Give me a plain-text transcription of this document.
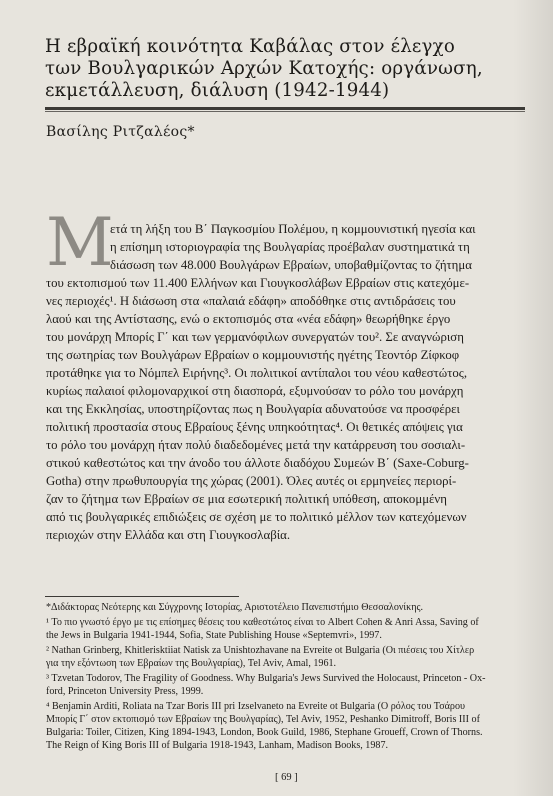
Η εβραϊκή κοινότητα Καβάλας στον έλεγχο
των Βουλγαρικών Αρχών Κατοχής: οργάνωση,
εκμετάλλευση, διάλυση (1942-1944)
Βασίλης Ριτζαλέος*
Μ
ετά τη λήξη του Β΄ Παγκοσμίου Πολέμου, η κομμουνιστική ηγεσία και
η επίσημη ιστοριογραφία της Βουλγαρίας προέβαλαν συστηματικά τη
διάσωση των 48.000 Βουλγάρων Εβραίων, υποβαθμίζοντας το ζήτημα
του εκτοπισμού των 11.400 Ελλήνων και Γιουγκοσλάβων Εβραίων στις κατεχόμε-
νες περιοχές¹. Η διάσωση στα «παλαιά εδάφη» αποδόθηκε στις αντιδράσεις του
λαού και της Αντίστασης, ενώ ο εκτοπισμός στα «νέα εδάφη» θεωρήθηκε έργο
του μονάρχη Μπορίς Γ΄ και των γερμανόφιλων συνεργατών του². Σε αναγνώριση
της σωτηρίας των Βουλγάρων Εβραίων ο κομμουνιστής ηγέτης Τεοντόρ Ζίφκοφ
προτάθηκε για το Νόμπελ Ειρήνης³. Οι πολιτικοί αντίπαλοι του νέου καθεστώτος,
κυρίως παλαιοί φιλομοναρχικοί στη διασπορά, εξυμνούσαν το ρόλο του μονάρχη
και της Εκκλησίας, υποστηρίζοντας πως η Βουλγαρία αδυνατούσε να προσφέρει
πολιτική προστασία στους Εβραίους ξένης υπηκοότητας⁴. Οι θετικές απόψεις για
το ρόλο του μονάρχη ήταν πολύ διαδεδομένες μετά την κατάρρευση του σοσιαλι-
στικού καθεστώτος και την άνοδο του άλλοτε διαδόχου Συμεών Β΄ (Saxe-Coburg-
Gotha) στην πρωθυπουργία της χώρας (2001). Όλες αυτές οι ερμηνείες περιορί-
ζαν το ζήτημα των Εβραίων σε μια εσωτερική πολιτική υπόθεση, αποκομμένη
από τις βουλγαρικές επιδιώξεις σε σχέση με το πολιτικό μέλλον των κατεχόμενων
περιοχών στην Ελλάδα και στη Γιουγκοσλαβία.
*Διδάκτορας Νεότερης και Σύγχρονης Ιστορίας, Αριστοτέλειο Πανεπιστήμιο Θεσσαλονίκης.
¹ Το πιο γνωστό έργο με τις επίσημες θέσεις του καθεστώτος είναι το Albert Cohen & Anri Assa, Saving of
the Jews in Bulgaria 1941-1944, Sofia, State Publishing House «Septemvri», 1997.
² Nathan Grinberg, Khitlerisktiiat Natisk za Unishtozhavane na Evreite ot Bulgaria (Οι πιέσεις του Χίτλερ
για την εξόντωση των Εβραίων της Βουλγαρίας), Tel Aviv, Amal, 1961.
³ Tzvetan Todorov, The Fragility of Goodness. Why Bulgaria's Jews Survived the Holocaust, Princeton - Ox-
ford, Princeton University Press, 1999.
⁴ Benjamin Arditi, Roliata na Tzar Boris III pri Izselvaneto na Evreite ot Bulgaria (Ο ρόλος του Τσάρου
Μπορίς Γ΄ στον εκτοπισμό των Εβραίων της Βουλγαρίας), Tel Aviv, 1952, Peshanko Dimitroff, Boris III of
Bulgaria: Toiler, Citizen, King 1894-1943, London, Book Guild, 1986, Stephane Groueff, Crown of Thorns.
The Reign of King Boris III of Bulgaria 1918-1943, Lanham, Madison Books, 1987.
[ 69 ]
